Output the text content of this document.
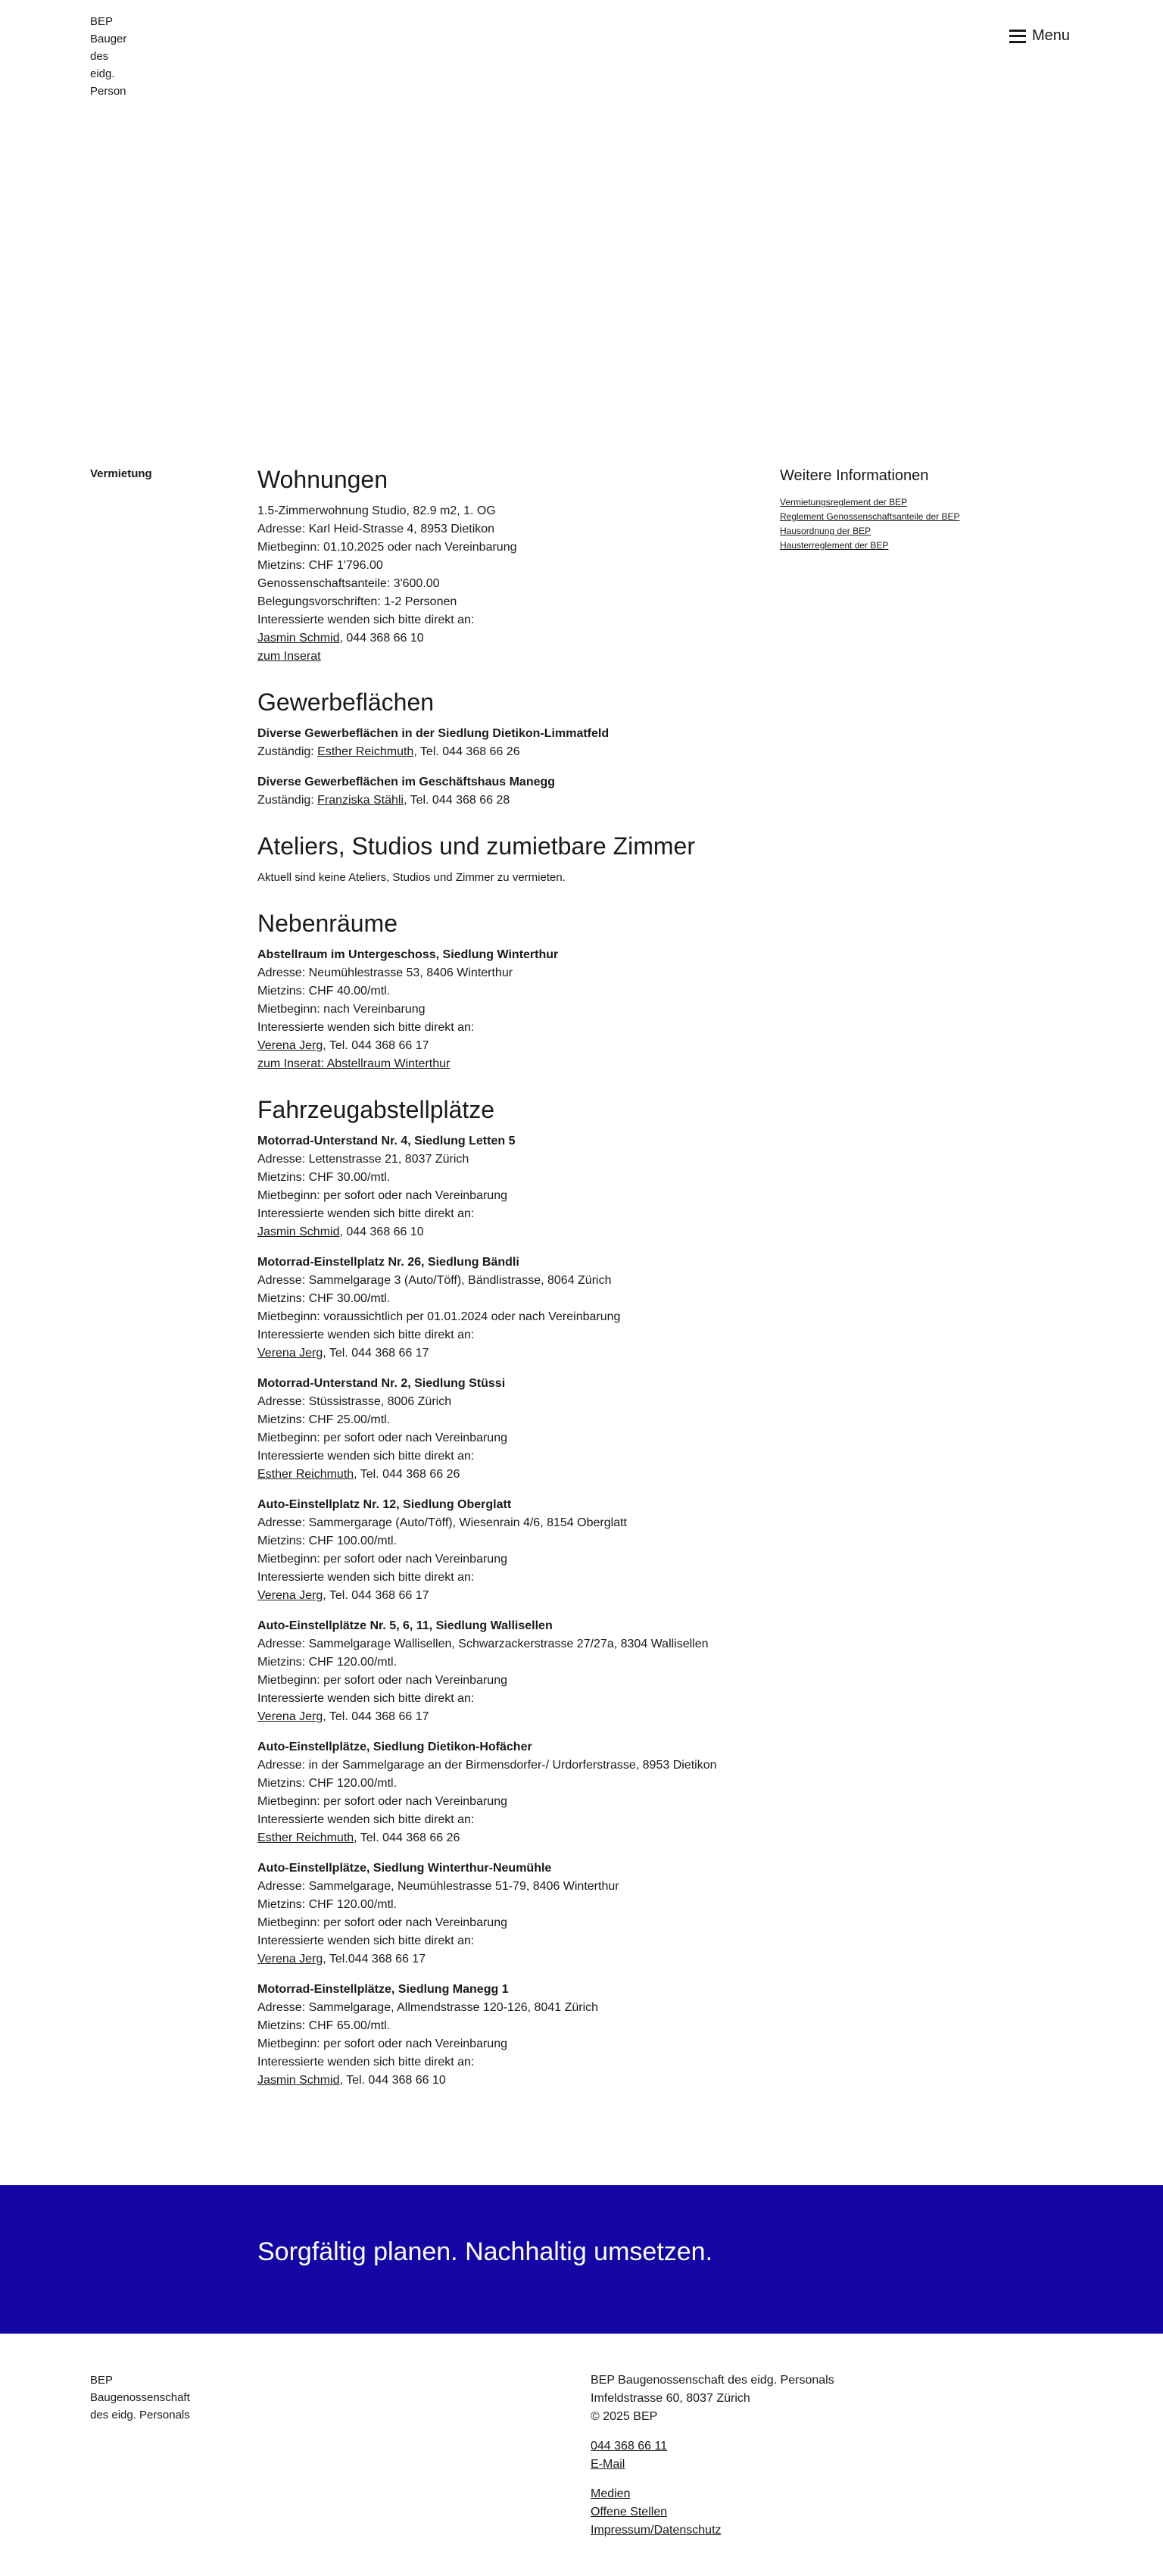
BEP Bauger des eidg. Person
Menu
Vermietung	Wohnungen

1.5-Zimmerwohnung Studio, 82.9 m2, 1. OG

Adresse: Karl Heid-Strasse 4, 8953 Dietikon

Mietbeginn: 01.10.2025 oder nach Vereinbarung

Mietzins: CHF 1'796.00

Genossenschaftsanteile: 3'600.00

Belegungsvorschriften: 1-2 Personen

Interessierte wenden sich bitte direkt an:

Jasmin Schmid, 044 368 66 10

zum Inserat

Gewerbeflächen

Diverse Gewerbeflächen in der Siedlung Dietikon-Limmatfeld

Zuständig: Esther Reichmuth, Tel. 044 368 66 26

Diverse Gewerbeflächen im Geschäftshaus Manegg

Zuständig: Franziska Stähli, Tel. 044 368 66 28

Ateliers, Studios und zumietbare Zimmer

Aktuell sind keine Ateliers, Studios und Zimmer zu vermieten.

Nebenräume

Abstellraum im Untergeschoss, Siedlung Winterthur

Adresse: Neumühlestrasse 53, 8406 Winterthur

Mietzins: CHF 40.00/mtl.

Mietbeginn: nach Vereinbarung

Interessierte wenden sich bitte direkt an:

Verena Jerg, Tel. 044 368 66 17

zum Inserat: Abstellraum Winterthur

Fahrzeugabstellplätze

Motorrad-Unterstand Nr. 4, Siedlung Letten 5

Adresse: Lettenstrasse 21, 8037 Zürich

Mietzins: CHF 30.00/mtl.

Mietbeginn: per sofort oder nach Vereinbarung

Interessierte wenden sich bitte direkt an:

Jasmin Schmid, 044 368 66 10

Motorrad-Einstellplatz Nr. 26, Siedlung Bändli

Adresse: Sammelgarage 3 (Auto/Töff), Bändlistrasse, 8064 Zürich

Mietzins: CHF 30.00/mtl.

Mietbeginn: voraussichtlich per 01.01.2024 oder nach Vereinbarung

Interessierte wenden sich bitte direkt an:

Verena Jerg, Tel. 044 368 66 17

Motorrad-Unterstand Nr. 2, Siedlung Stüssi

Adresse: Stüssistrasse, 8006 Zürich

Mietzins: CHF 25.00/mtl.

Mietbeginn: per sofort oder nach Vereinbarung

Interessierte wenden sich bitte direkt an:

Esther Reichmuth, Tel. 044 368 66 26

Auto-Einstellplatz Nr. 12, Siedlung Oberglatt

Adresse: Sammergarage (Auto/Töff), Wiesenrain 4/6, 8154 Oberglatt

Mietzins: CHF 100.00/mtl.

Mietbeginn: per sofort oder nach Vereinbarung

Interessierte wenden sich bitte direkt an:

Verena Jerg, Tel. 044 368 66 17

Auto-Einstellplätze Nr. 5, 6, 11, Siedlung Wallisellen

Adresse: Sammelgarage Wallisellen, Schwarzackerstrasse 27/27a, 8304 Wallisellen

Mietzins: CHF 120.00/mtl.

Mietbeginn: per sofort oder nach Vereinbarung

Interessierte wenden sich bitte direkt an:

Verena Jerg, Tel. 044 368 66 17

Auto-Einstellplätze, Siedlung Dietikon-Hofächer

Adresse: in der Sammelgarage an der Birmensdorfer-/ Urdorferstrasse, 8953 Dietikon

Mietzins: CHF 120.00/mtl.

Mietbeginn: per sofort oder nach Vereinbarung

Interessierte wenden sich bitte direkt an:

Esther Reichmuth, Tel. 044 368 66 26

Auto-Einstellplätze, Siedlung Winterthur-Neumühle

Adresse: Sammelgarage, Neumühlestrasse 51-79, 8406 Winterthur

Mietzins: CHF 120.00/mtl.

Mietbeginn: per sofort oder nach Vereinbarung

Interessierte wenden sich bitte direkt an:

Verena Jerg, Tel.044 368 66 17

Motorrad-Einstellplätze, Siedlung Manegg 1

Adresse: Sammelgarage, Allmendstrasse 120-126, 8041 Zürich

Mietzins: CHF 65.00/mtl.

Mietbeginn: per sofort oder nach Vereinbarung

Interessierte wenden sich bitte direkt an:

Jasmin Schmid, Tel. 044 368 66 10

Weitere Informationen
Vermietungsreglement der BEP
Reglement Genossenschaftsanteile der BEP
Hausordnung der BEP
Hausterreglement der BEP
Sorgfältig planen. Nachhaltig umsetzen.
BEP Baugenossenschaft des eidg. Personals

BEP Baugenossenschaft des eidg. Personals

Imfeldstrasse 60, 8037 Zürich

© 2025 BEP

044 368 66 11
E-Mail
Medien
Offene Stellen
Impressum/Datenschutz
